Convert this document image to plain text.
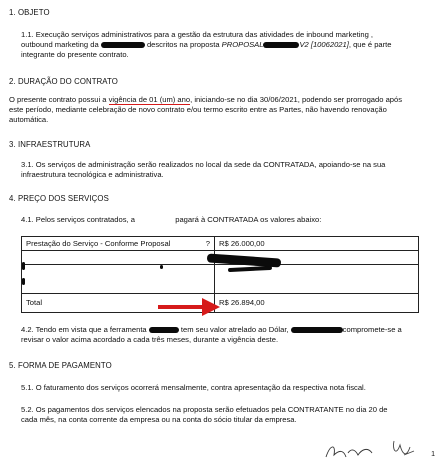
1. OBJETO
1.1. Execução serviços administrativos para a gestão da estrutura das atividades de inbound marketing ,
outbound marketing da	descritos na proposta PROPOSAL	V2 [10062021], que é parte
integrante do presente contrato.
2. DURAÇÃO DO CONTRATO
O presente contrato possui a vigência de 01 (um) ano, iniciando-se no dia 30/06/2021, podendo ser prorrogado após
este período, mediante celebração de novo contrato e/ou termo escrito entre as Partes, não havendo renovação
automática.
3. INFRAESTRUTURA
3.1. Os serviços de administração serão realizados no local da sede da CONTRATADA, apoiando-se na sua
infraestrutura tecnológica e administrativa.
4. PREÇO DOS SERVIÇOS
4.1. Pelos serviços contratados, a	pagará à CONTRATADA os valores abaixo:
Prestação do Serviço - Conforme Proposal ?	R$ 26.000,00

Total	R$ 26.894,00
4.2. Tendo em vista que a ferramenta	tem seu valor atrelado ao Dólar,	compromete-se a
revisar o valor acima acordado a cada três meses, durante a vigência deste.
5. FORMA DE PAGAMENTO
5.1. O faturamento dos serviços ocorrerá mensalmente, contra apresentação da respectiva nota fiscal.
5.2. Os pagamentos dos serviços elencados na proposta serão efetuados pela CONTRATANTE no dia 20 de
cada mês, na conta corrente da empresa ou na conta do sócio titular da empresa.
1
